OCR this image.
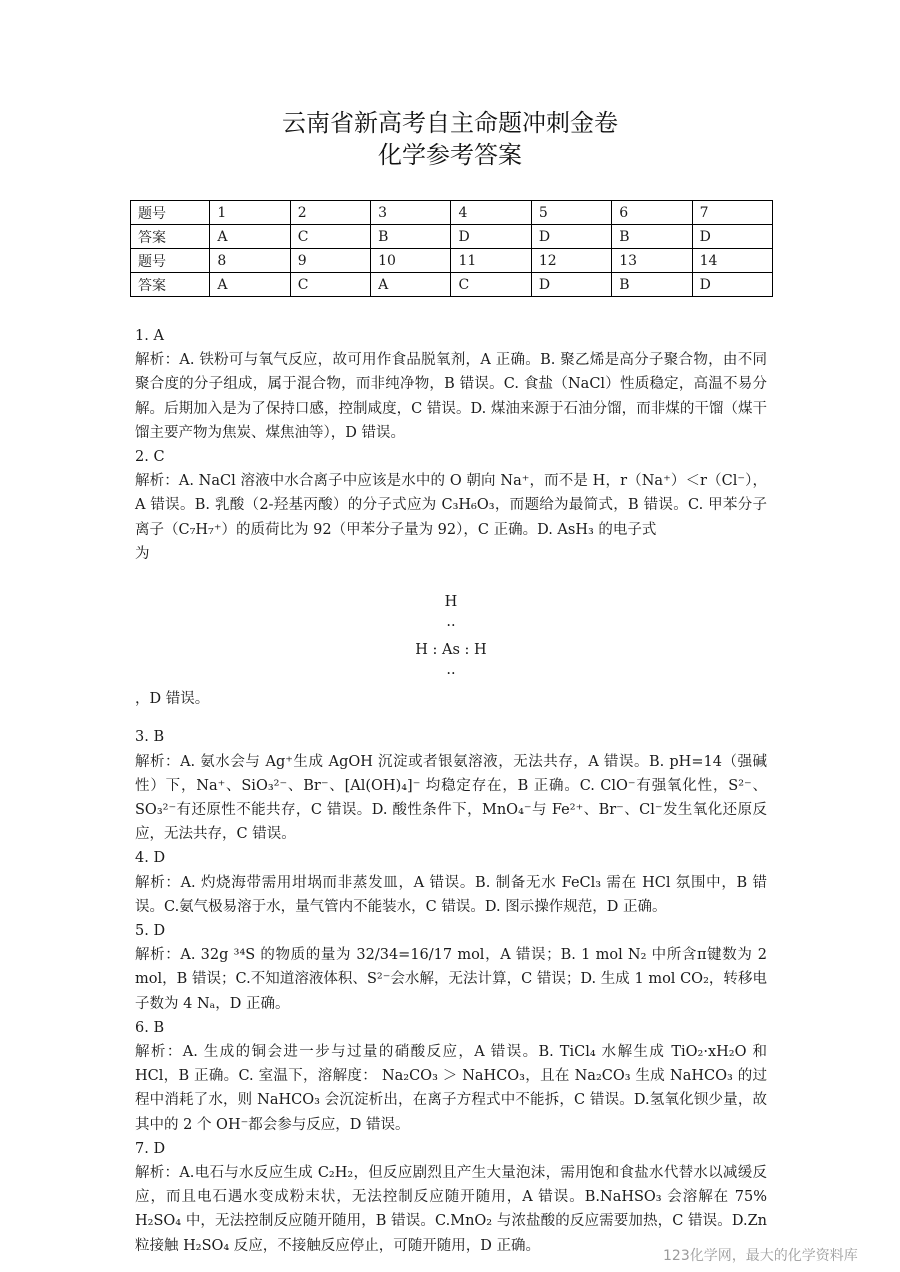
云南省新高考自主命题冲刺金卷
化学参考答案
题号	1	2	3	4	5	6	7
答案	A	C	B	D	D	B	D
题号	8	9	10	11	12	13	14
答案	A	C	A	C	D	B	D

1. A

解析：A. 铁粉可与氧气反应，故可用作食品脱氧剂，A 正确。B. 聚乙烯是高分子聚合物，由不同聚合度的分子组成，属于混合物，而非纯净物，B 错误。C. 食盐（NaCl）性质稳定，高温不易分解。后期加入是为了保持口感，控制咸度，C 错误。D. 煤油来源于石油分馏，而非煤的干馏（煤干馏主要产物为焦炭、煤焦油等），D 错误。

2. C

解析：A. NaCl 溶液中水合离子中应该是水中的 O 朝向 Na⁺，而不是 H，r（Na⁺）＜r（Cl⁻），A 错误。B. 乳酸（2-羟基丙酸）的分子式应为 C₃H₆O₃，而题给为最简式，B 错误。C. 甲苯分子离子（C₇H₇⁺）的质荷比为 92（甲苯分子量为 92），C 正确。D. AsH₃ 的电子式

为

H
··
H : As : H
··
，D 错误。

3. B

解析：A. 氨水会与 Ag⁺生成 AgOH 沉淀或者银氨溶液，无法共存，A 错误。B. pH=14（强碱性）下，Na⁺、SiO₃²⁻、Br⁻、[Al(OH)₄]⁻ 均稳定存在，B 正确。C. ClO⁻有强氧化性，S²⁻、SO₃²⁻有还原性不能共存，C 错误。D. 酸性条件下，MnO₄⁻与 Fe²⁺、Br⁻、Cl⁻发生氧化还原反应，无法共存，C 错误。

4. D

解析：A. 灼烧海带需用坩埚而非蒸发皿，A 错误。B. 制备无水 FeCl₃ 需在 HCl 氛围中，B 错误。C.氨气极易溶于水，量气管内不能装水，C 错误。D. 图示操作规范，D 正确。

5. D

解析：A. 32g ³⁴S 的物质的量为 32/34=16/17 mol，A 错误；B. 1 mol N₂ 中所含π键数为 2 mol，B 错误；C.不知道溶液体积、S²⁻会水解，无法计算，C 错误；D. 生成 1 mol CO₂，转移电子数为 4 Nₐ，D 正确。

6. B

解析：A. 生成的铜会进一步与过量的硝酸反应，A 错误。B. TiCl₄ 水解生成 TiO₂·xH₂O 和 HCl，B 正确。C. 室温下，溶解度： Na₂CO₃ ＞ NaHCO₃，且在 Na₂CO₃ 生成 NaHCO₃ 的过程中消耗了水，则 NaHCO₃ 会沉淀析出，在离子方程式中不能拆，C 错误。D.氢氧化钡少量，故其中的 2 个 OH⁻都会参与反应，D 错误。

7. D

解析：A.电石与水反应生成 C₂H₂，但反应剧烈且产生大量泡沫，需用饱和食盐水代替水以减缓反应，而且电石遇水变成粉末状，无法控制反应随开随用，A 错误。B.NaHSO₃ 会溶解在 75% H₂SO₄ 中，无法控制反应随开随用，B 错误。C.MnO₂ 与浓盐酸的反应需要加热，C 错误。D.Zn 粒接触 H₂SO₄ 反应，不接触反应停止，可随开随用，D 正确。

123化学网，最大的化学资料库
